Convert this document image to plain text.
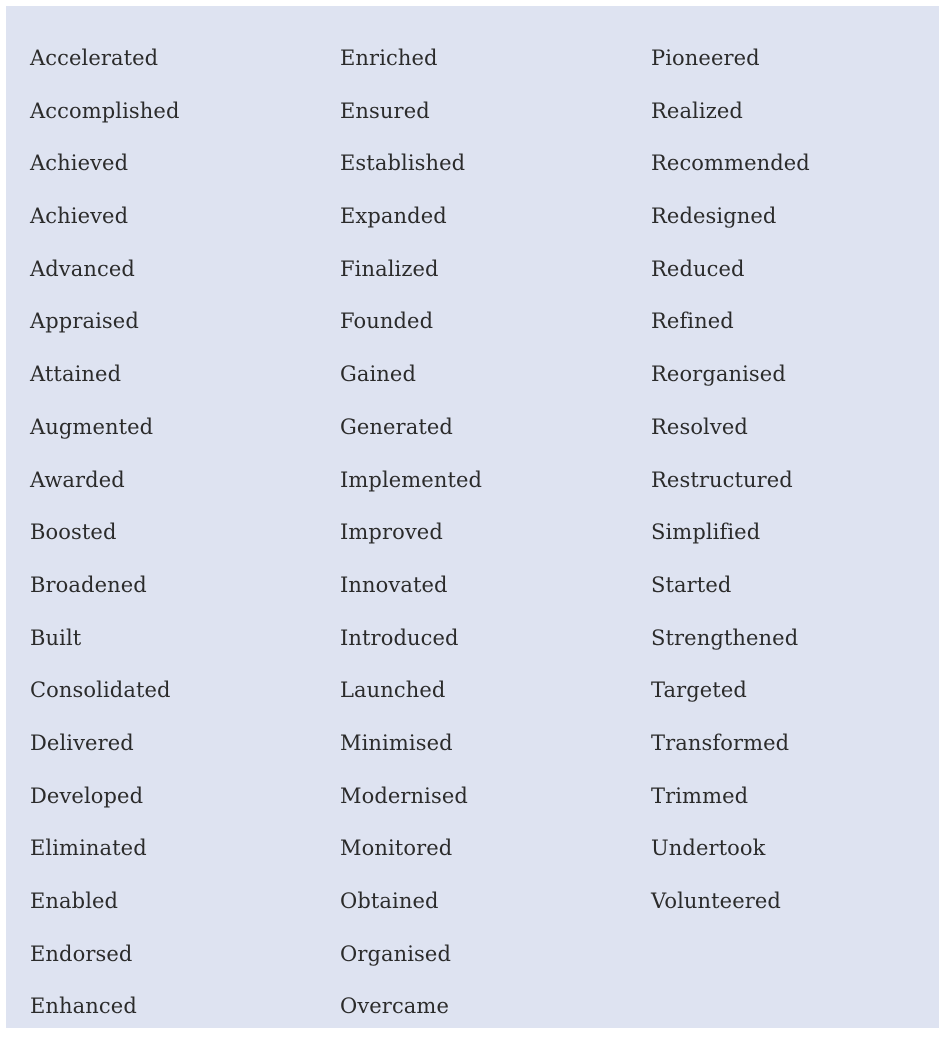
Accelerated
Accomplished
Achieved
Achieved
Advanced
Appraised
Attained
Augmented
Awarded
Boosted
Broadened
Built
Consolidated
Delivered
Developed
Eliminated
Enabled
Endorsed
Enhanced
Enriched
Ensured
Established
Expanded
Finalized
Founded
Gained
Generated
Implemented
Improved
Innovated
Introduced
Launched
Minimised
Modernised
Monitored
Obtained
Organised
Overcame
Pioneered
Realized
Recommended
Redesigned
Reduced
Refined
Reorganised
Resolved
Restructured
Simplified
Started
Strengthened
Targeted
Transformed
Trimmed
Undertook
Volunteered
